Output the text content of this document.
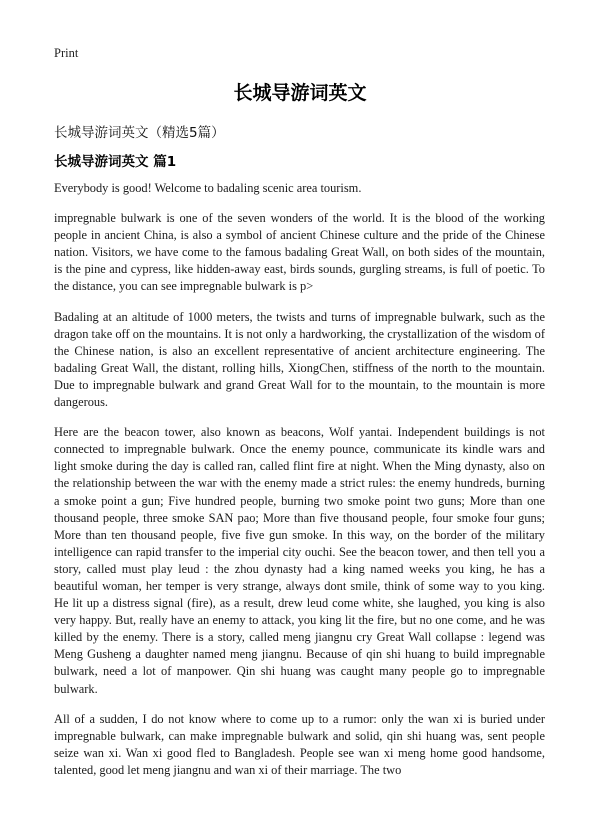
Print
长城导游词英文
长城导游词英文（精选5篇）
长城导游词英文 篇1

Everybody is good! Welcome to badaling scenic area tourism.

impregnable bulwark is one of the seven wonders of the world. It is the blood of the working people in ancient China, is also a symbol of ancient Chinese culture and the pride of the Chinese nation. Visitors, we have come to the famous badaling Great Wall, on both sides of the mountain, is the pine and cypress, like hidden-away east, birds sounds, gurgling streams, is full of poetic. To the distance, you can see impregnable bulwark is p>

Badaling at an altitude of 1000 meters, the twists and turns of impregnable bulwark, such as the dragon take off on the mountains. It is not only a hardworking, the crystallization of the wisdom of the Chinese nation, is also an excellent representative of ancient architecture engineering. The badaling Great Wall, the distant, rolling hills, XiongChen, stiffness of the north to the mountain. Due to impregnable bulwark and grand Great Wall for to the mountain, to the mountain is more dangerous.

Here are the beacon tower, also known as beacons, Wolf yantai. Independent buildings is not connected to impregnable bulwark. Once the enemy pounce, communicate its kindle wars and light smoke during the day is called ran, called flint fire at night. When the Ming dynasty, also on the relationship between the war with the enemy made a strict rules: the enemy hundreds, burning a smoke point a gun; Five hundred people, burning two smoke point two guns; More than one thousand people, three smoke SAN pao; More than five thousand people, four smoke four guns; More than ten thousand people, five five gun smoke. In this way, on the border of the military intelligence can rapid transfer to the imperial city ouchi. See the beacon tower, and then tell you a story, called must play leud : the zhou dynasty had a king named weeks you king, he has a beautiful woman, her temper is very strange, always dont smile, think of some way to you king. He lit up a distress signal (fire), as a result, drew leud come white, she laughed, you king is also very happy. But, really have an enemy to attack, you king lit the fire, but no one come, and he was killed by the enemy. There is a story, called meng jiangnu cry Great Wall collapse : legend was Meng Gusheng a daughter named meng jiangnu. Because of qin shi huang to build impregnable bulwark, need a lot of manpower. Qin shi huang was caught many people go to impregnable bulwark.

All of a sudden, I do not know where to come up to a rumor: only the wan xi is buried under impregnable bulwark, can make impregnable bulwark and solid, qin shi huang was, sent people seize wan xi. Wan xi good fled to Bangladesh. People see wan xi meng home good handsome, talented, good let meng jiangnu and wan xi of their marriage. The two
